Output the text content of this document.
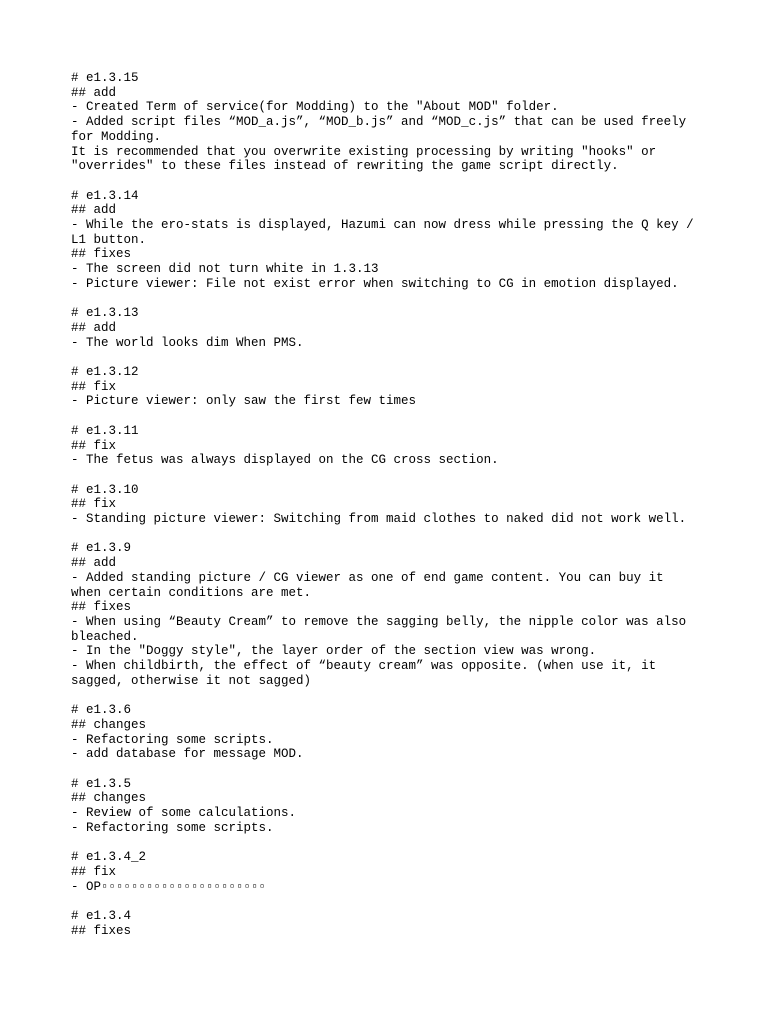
# e1.3.15
## add
- Created Term of service(for Modding) to the "About MOD" folder.
- Added script files “MOD_a.js”, “MOD_b.js” and “MOD_c.js” that can be used freely
for Modding.
It is recommended that you overwrite existing processing by writing "hooks" or
"overrides" to these files instead of rewriting the game script directly.
# e1.3.14
## add
- While the ero-stats is displayed, Hazumi can now dress while pressing the Q key /
L1 button.
## fixes
- The screen did not turn white in 1.3.13
- Picture viewer: File not exist error when switching to CG in emotion displayed.
# e1.3.13
## add
- The world looks dim When PMS.
# e1.3.12
## fix
- Picture viewer: only saw the first few times
# e1.3.11
## fix
- The fetus was always displayed on the CG cross section.
# e1.3.10
## fix
- Standing picture viewer: Switching from maid clothes to naked did not work well.
# e1.3.9
## add
- Added standing picture / CG viewer as one of end game content. You can buy it
when certain conditions are met.
## fixes
- When using “Beauty Cream” to remove the sagging belly, the nipple color was also
bleached.
- In the "Doggy style", the layer order of the section view was wrong.
- When childbirth, the effect of “beauty cream” was opposite. (when use it, it
sagged, otherwise it not sagged)
# e1.3.6
## changes
- Refactoring some scripts.
- add database for message MOD.
# e1.3.5
## changes
- Review of some calculations.
- Refactoring some scripts.
# e1.3.4_2
## fix
- OP▫▫▫▫▫▫▫▫▫▫▫▫▫▫▫▫▫▫▫▫▫▫
# e1.3.4
## fixes
